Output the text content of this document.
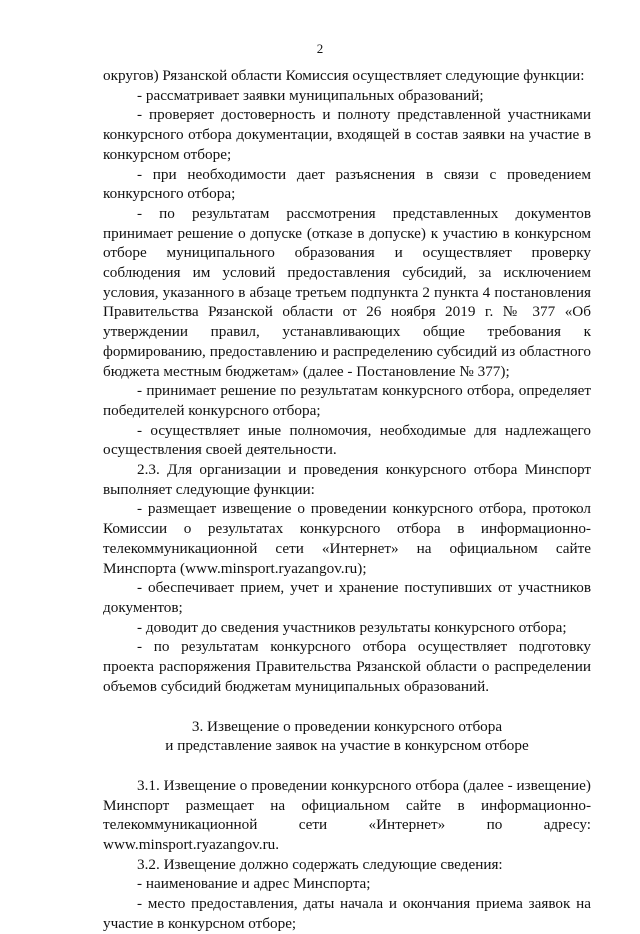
2

округов) Рязанской области Комиссия осуществляет следующие функции:

- рассматривает заявки муниципальных образований;

- проверяет достоверность и полноту представленной участниками конкурсного отбора документации, входящей в состав заявки на участие в конкурсном отборе;

- при необходимости дает разъяснения в связи с проведением конкурсного отбора;

- по результатам рассмотрения представленных документов принимает решение о допуске (отказе в допуске) к участию в конкурсном отборе муниципального образования и осуществляет проверку соблюдения им условий предоставления субсидий, за исключением условия, указанного в абзаце третьем подпункта 2 пункта 4 постановления Правительства Рязанской области от 26 ноября 2019 г. № 377 «Об утверждении правил, устанавливающих общие требования к формированию, предоставлению и распределению субсидий из областного бюджета местным бюджетам» (далее - Постановление № 377);

- принимает решение по результатам конкурсного отбора, определяет победителей конкурсного отбора;

- осуществляет иные полномочия, необходимые для надлежащего осуществления своей деятельности.

2.3. Для организации и проведения конкурсного отбора Минспорт выполняет следующие функции:

- размещает извещение о проведении конкурсного отбора, протокол Комиссии о результатах конкурсного отбора в информационно-телекоммуникационной сети «Интернет» на официальном сайте Минспорта (www.minsport.ryazangov.ru);

- обеспечивает прием, учет и хранение поступивших от участников документов;

- доводит до сведения участников результаты конкурсного отбора;

- по результатам конкурсного отбора осуществляет подготовку проекта распоряжения Правительства Рязанской области о распределении объемов субсидий бюджетам муниципальных образований.

3. Извещение о проведении конкурсного отбора

и представление заявок на участие в конкурсном отборе

3.1. Извещение о проведении конкурсного отбора (далее - извещение) Минспорт размещает на официальном сайте в информационно-телекоммуникационной сети «Интернет» по адресу: www.minsport.ryazangov.ru.

3.2. Извещение должно содержать следующие сведения:

- наименование и адрес Минспорта;

- место предоставления, даты начала и окончания приема заявок на участие в конкурсном отборе;
